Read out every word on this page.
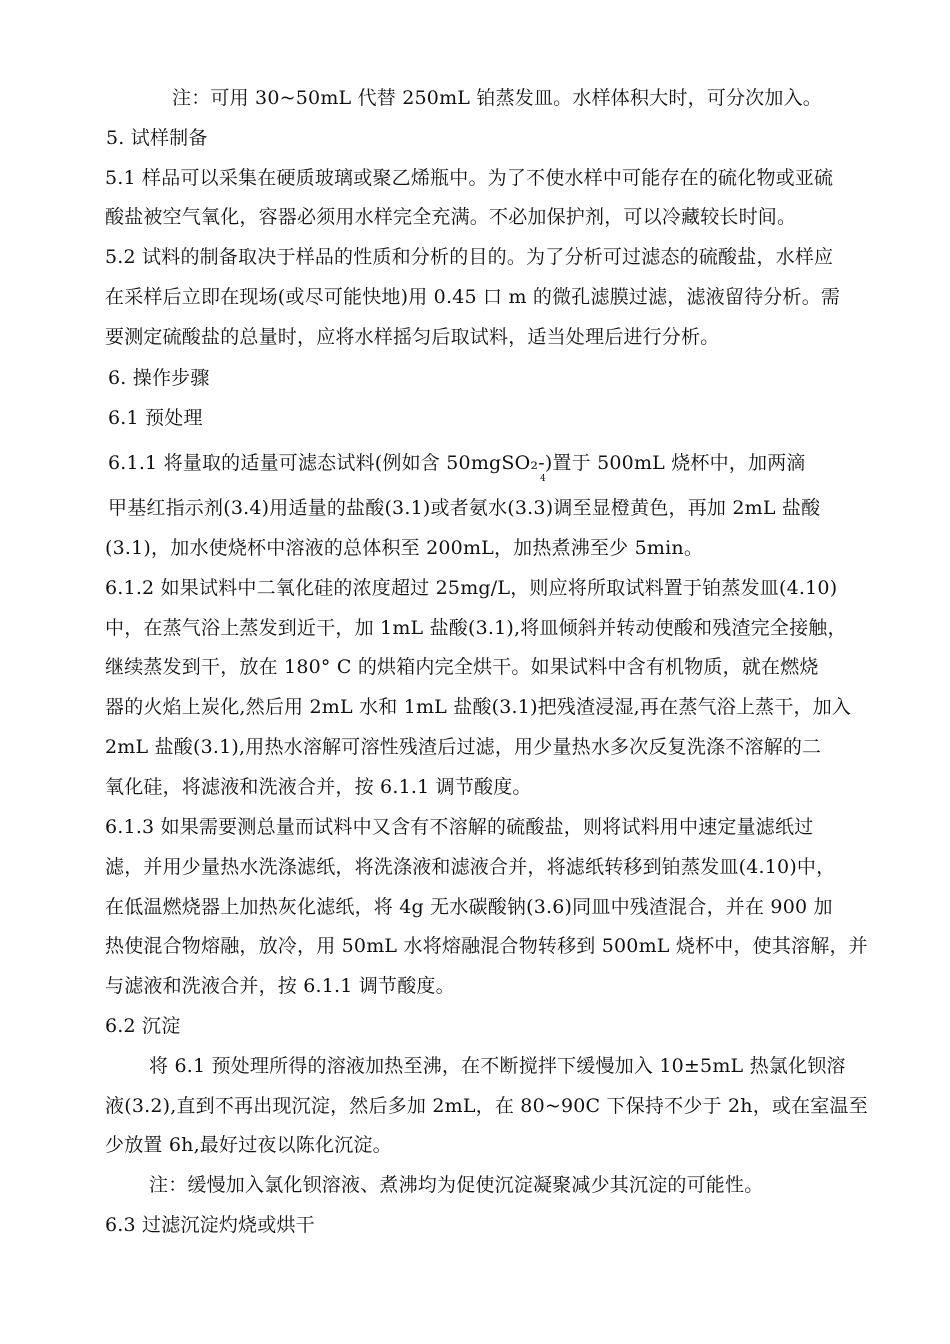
注：可用 30~50mL 代替 250mL 铂蒸发皿。水样体积大时，可分次加入。
5. 试样制备
5.1 样品可以采集在硬质玻璃或聚乙烯瓶中。为了不使水样中可能存在的硫化物或亚硫
酸盐被空气氧化，容器必须用水样完全充满。不必加保护剂，可以冷藏较长时间。
5.2 试料的制备取决于样品的性质和分析的目的。为了分析可过滤态的硫酸盐，水样应
在采样后立即在现场(或尽可能快地)用 0.45 口 m 的微孔滤膜过滤，滤液留待分析。需
要测定硫酸盐的总量时，应将水样摇匀后取试料，适当处理后进行分析。
6. 操作步骤
6.1 预处理
6.1.1 将量取的适量可滤态试料(例如含 50mgSO₂-)置于 500mL 烧杯中，加两滴
4
甲基红指示剂(3.4)用适量的盐酸(3.1)或者氨水(3.3)调至显橙黄色，再加 2mL 盐酸
(3.1)，加水使烧杯中溶液的总体积至 200mL，加热煮沸至少 5min。
6.1.2 如果试料中二氧化硅的浓度超过 25mg/L，则应将所取试料置于铂蒸发皿(4.10)
中，在蒸气浴上蒸发到近干，加 1mL 盐酸(3.1),将皿倾斜并转动使酸和残渣完全接触，
继续蒸发到干，放在 180° C 的烘箱内完全烘干。如果试料中含有机物质，就在燃烧
器的火焰上炭化,然后用 2mL 水和 1mL 盐酸(3.1)把残渣浸湿,再在蒸气浴上蒸干，加入
2mL 盐酸(3.1),用热水溶解可溶性残渣后过滤，用少量热水多次反复洗涤不溶解的二
氧化硅，将滤液和洗液合并，按 6.1.1 调节酸度。
6.1.3 如果需要测总量而试料中又含有不溶解的硫酸盐，则将试料用中速定量滤纸过
滤，并用少量热水洗涤滤纸，将洗涤液和滤液合并，将滤纸转移到铂蒸发皿(4.10)中，
在低温燃烧器上加热灰化滤纸，将 4g 无水碳酸钠(3.6)同皿中残渣混合，并在 900 加
热使混合物熔融，放冷，用 50mL 水将熔融混合物转移到 500mL 烧杯中，使其溶解，并
与滤液和洗液合并，按 6.1.1 调节酸度。
6.2 沉淀
将 6.1 预处理所得的溶液加热至沸，在不断搅拌下缓慢加入 10±5mL 热氯化钡溶
液(3.2),直到不再出现沉淀，然后多加 2mL，在 80~90C 下保持不少于 2h，或在室温至
少放置 6h,最好过夜以陈化沉淀。
注：缓慢加入氯化钡溶液、煮沸均为促使沉淀凝聚减少其沉淀的可能性。
6.3 过滤沉淀灼烧或烘干
